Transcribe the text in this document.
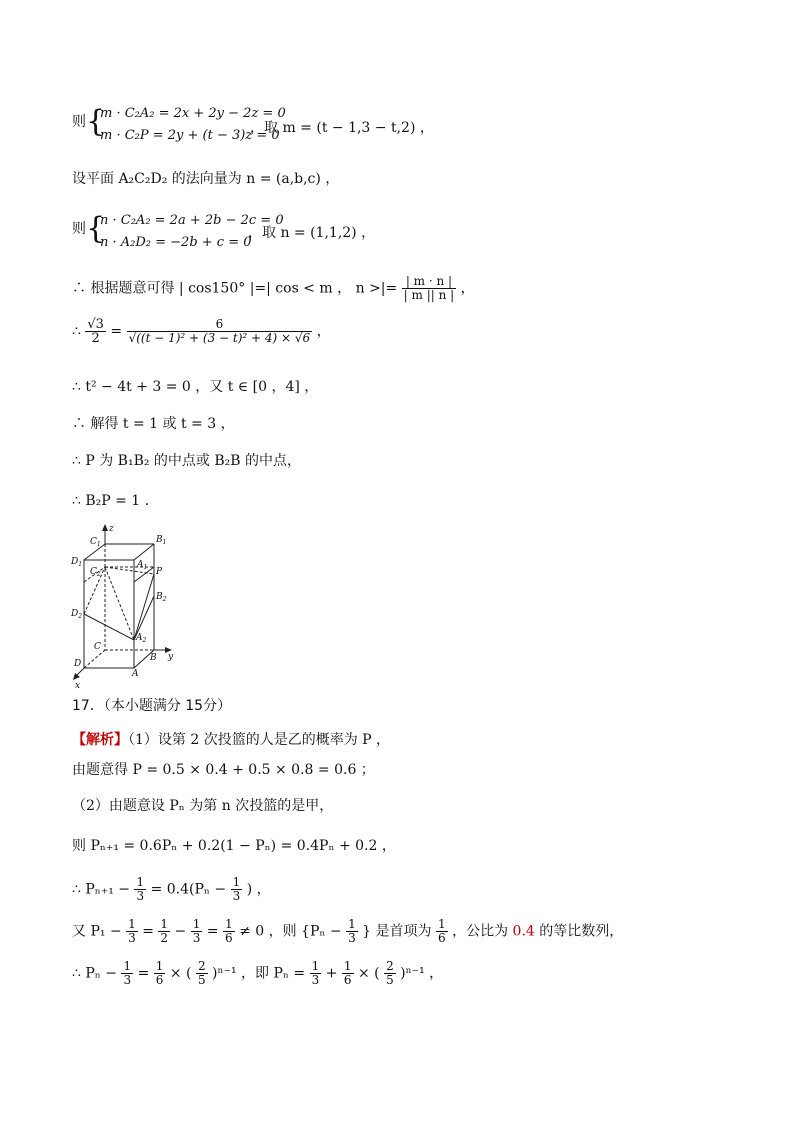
则 {
m · C₂A₂ = 2x + 2y − 2z = 0
m · C₂P = 2y + (t − 3)z = 0
，取 m = (t − 1,3 − t,2) ，
设平面 A₂C₂D₂ 的法向量为 n = (a,b,c) ，
则 {
n · C₂A₂ = 2a + 2b − 2c = 0
n · A₂D₂ = −2b + c = 0
，取 n = (1,1,2) ，
∴ 根据题意可得 | cos150° |=| cos < m ， n >|= $\frac{| m \cdot n |}{| m || n |}$ ，
∴ $\frac{√3}{2} = \frac{6}{\text{√((t − 1)² + (3 − t)² + 4) × √6}}$ ，
∴ t² − 4t + 3 = 0 ，又 t ∈ [0 ，4] ，
∴ 解得 t = 1 或 t = 3 ，
∴ P 为 B₁B₂ 的中点或 B₂B 的中点，
∴ B₂P = 1 .
z
$C_1$	$B_1$
$D_1$
$C_2$
$A_1$ P
$B_2$
$D_2$
$A_2$
C
B y
D
A
x
17．（本小题满分 15分）
【解析】（1）设第 2 次投篮的人是乙的概率为 P ，
由题意得 P = 0.5 × 0.4 + 0.5 × 0.8 = 0.6 ；
（2）由题意设 Pₙ 为第 n 次投篮的是甲，
则 Pₙ₊₁ = 0.6Pₙ + 0.2(1 − Pₙ) = 0.4Pₙ + 0.2 ，
∴ $P_{n+1} - \frac{1}{3} = 0.4(P_n - \frac{1}{3}$ ) ，
又 $P_1 - \frac{1}{3} = \frac{1}{2} - \frac{1}{3} = \frac{1}{6} \ne 0$ ，则 {$P_n - \frac{1}{3}$ } 是首项为 $\frac{1}{6}$ ，公比为 0.4 的等比数列，
∴ $P_n - \frac{1}{3} = \frac{1}{6}$ × ( $\frac{2}{5} )^{n-1}$ ，即 $P_n = \frac{1}{3} + \frac{1}{6}$ × ( $\frac{2}{5} )^{n-1}$ ，
